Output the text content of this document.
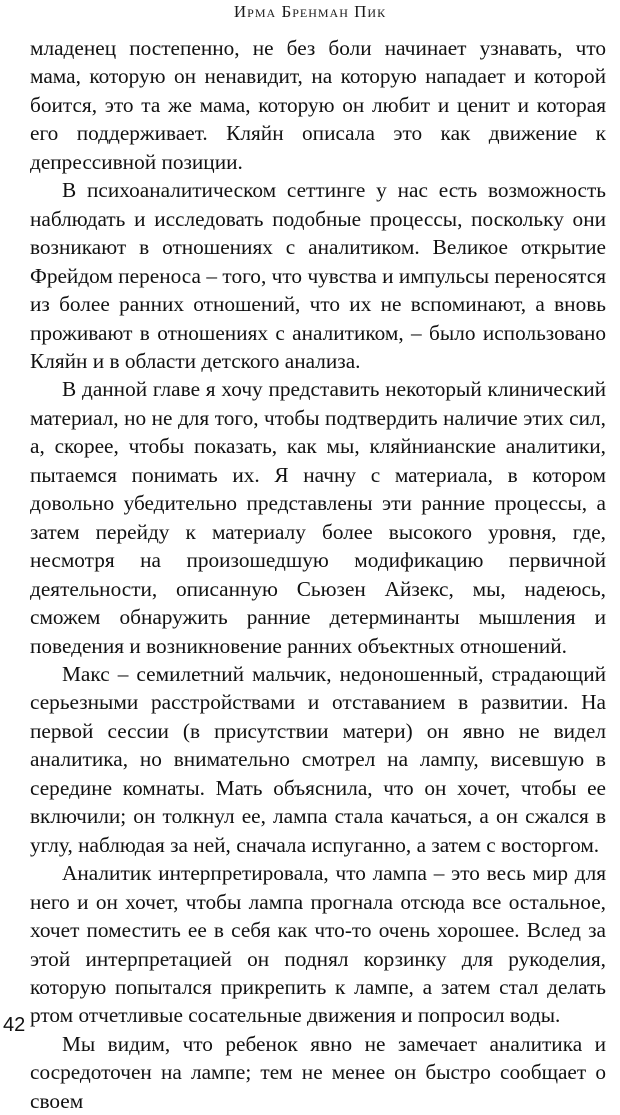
Ирма Бренман Пик

младенец постепенно, не без боли начинает узнавать, что мама, которую он ненавидит, на которую нападает и которой боится, это та же мама, которую он любит и ценит и которая его поддерживает. Кляйн описала это как движение к депрессивной позиции.

В психоаналитическом сеттинге у нас есть возможность наблюдать и исследовать подобные процессы, поскольку они возникают в отношениях с аналитиком. Великое открытие Фрейдом переноса – того, что чувства и импульсы переносятся из более ранних отношений, что их не вспоминают, а вновь проживают в отношениях с аналитиком, – было использовано Кляйн и в области детского анализа.

В данной главе я хочу представить некоторый клинический материал, но не для того, чтобы подтвердить наличие этих сил, а, скорее, чтобы показать, как мы, кляйнианские аналитики, пытаемся понимать их. Я начну с материала, в котором довольно убедительно представлены эти ранние процессы, а затем перейду к материалу более высокого уровня, где, несмотря на произошедшую модификацию первичной деятельности, описанную Сьюзен Айзекс, мы, надеюсь, сможем обнаружить ранние детерминанты мышления и поведения и возникновение ранних объектных отношений.

Макс – семилетний мальчик, недоношенный, страдающий серьезными расстройствами и отставанием в развитии. На первой сессии (в присутствии матери) он явно не видел аналитика, но внимательно смотрел на лампу, висевшую в середине комнаты. Мать объяснила, что он хочет, чтобы ее включили; он толкнул ее, лампа стала качаться, а он сжался в углу, наблюдая за ней, сначала испуганно, а затем с восторгом.

Аналитик интерпретировала, что лампа – это весь мир для него и он хочет, чтобы лампа прогнала отсюда все остальное, хочет поместить ее в себя как что-то очень хорошее. Вслед за этой интерпретацией он поднял корзинку для рукоделия, которую попытался прикрепить к лампе, а затем стал делать ртом отчетливые сосательные движения и попросил воды.

Мы видим, что ребенок явно не замечает аналитика и сосредоточен на лампе; тем не менее он быстро сообщает о своем

42
